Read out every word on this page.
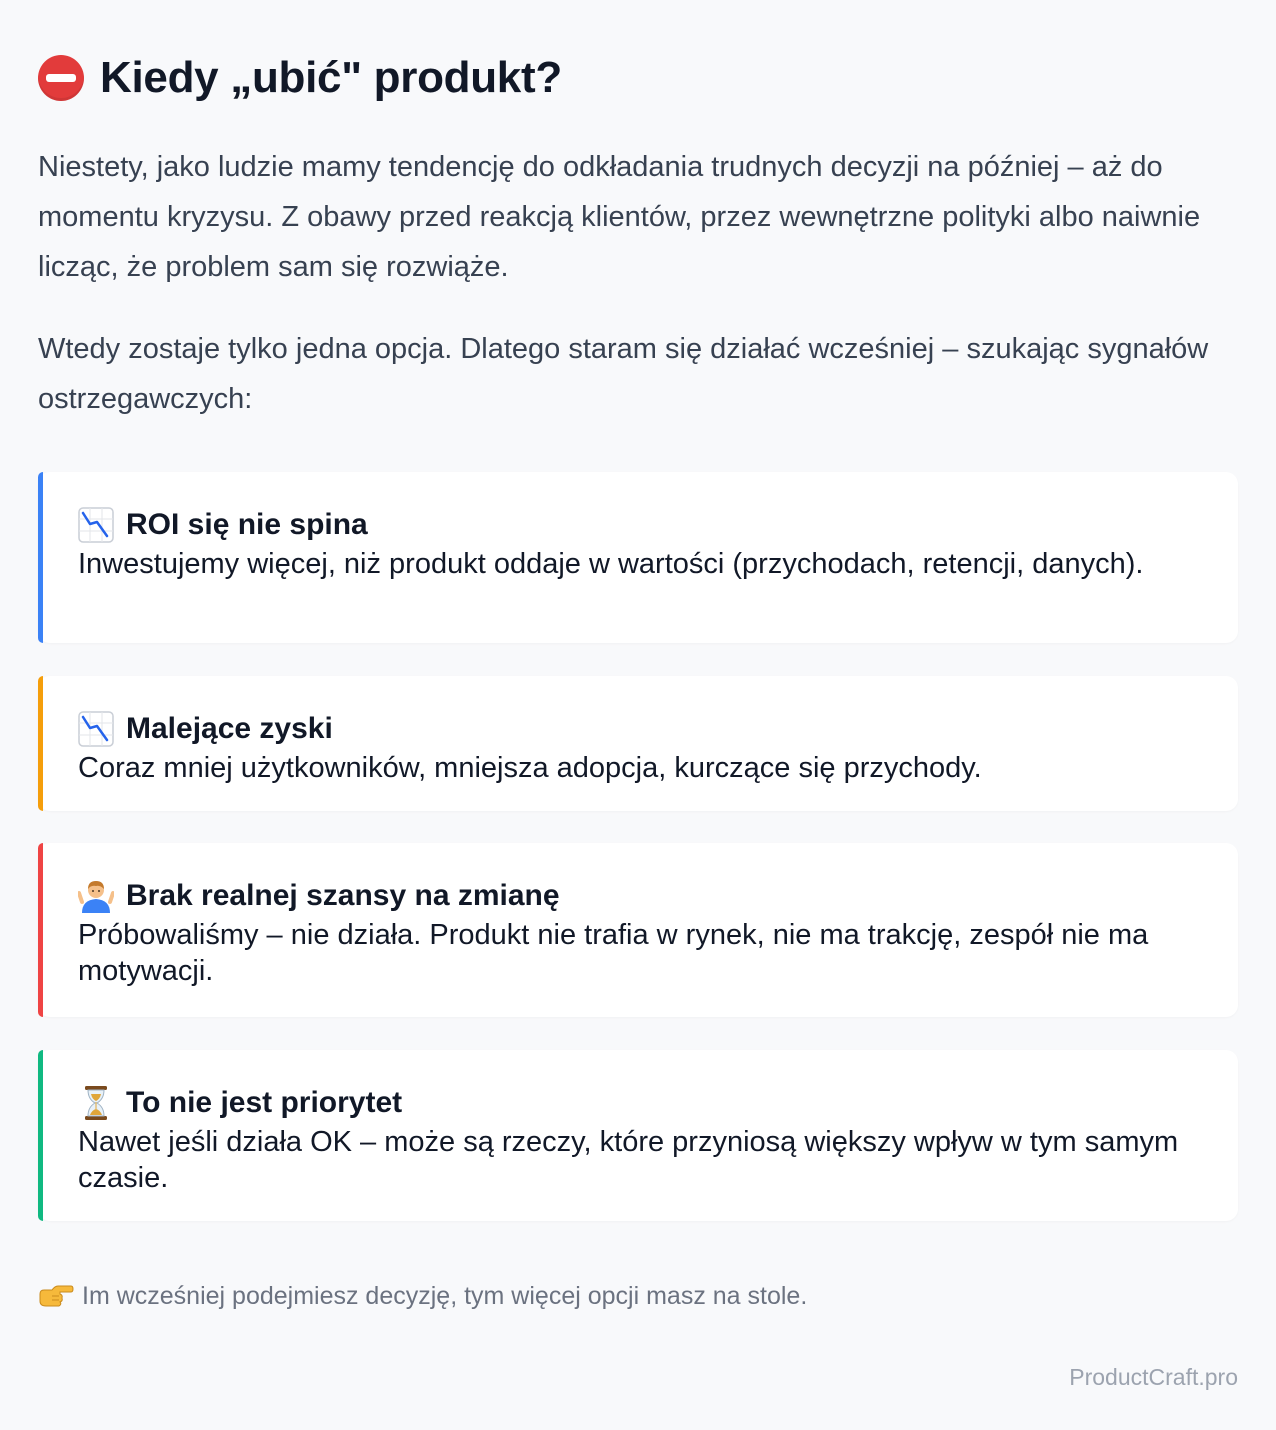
Kiedy „ubić" produkt?

Niestety, jako ludzie mamy tendencję do odkładania trudnych decyzji na później – aż do momentu kryzysu. Z obawy przed reakcją klientów, przez wewnętrzne polityki albo naiwnie licząc, że problem sam się rozwiąże.

Wtedy zostaje tylko jedna opcja. Dlatego staram się działać wcześniej – szukając sygnałów ostrzegawczych:

ROI się nie spina
Inwestujemy więcej, niż produkt oddaje w wartości (przychodach, retencji, danych).
Malejące zyski
Coraz mniej użytkowników, mniejsza adopcja, kurczące się przychody.
Brak realnej szansy na zmianę
Próbowaliśmy – nie działa. Produkt nie trafia w rynek, nie ma trakcję, zespół nie ma motywacji.
To nie jest priorytet
Nawet jeśli działa OK – może są rzeczy, które przyniosą większy wpływ w tym samym czasie.
Im wcześniej podejmiesz decyzję, tym więcej opcji masz na stole.
ProductCraft.pro
